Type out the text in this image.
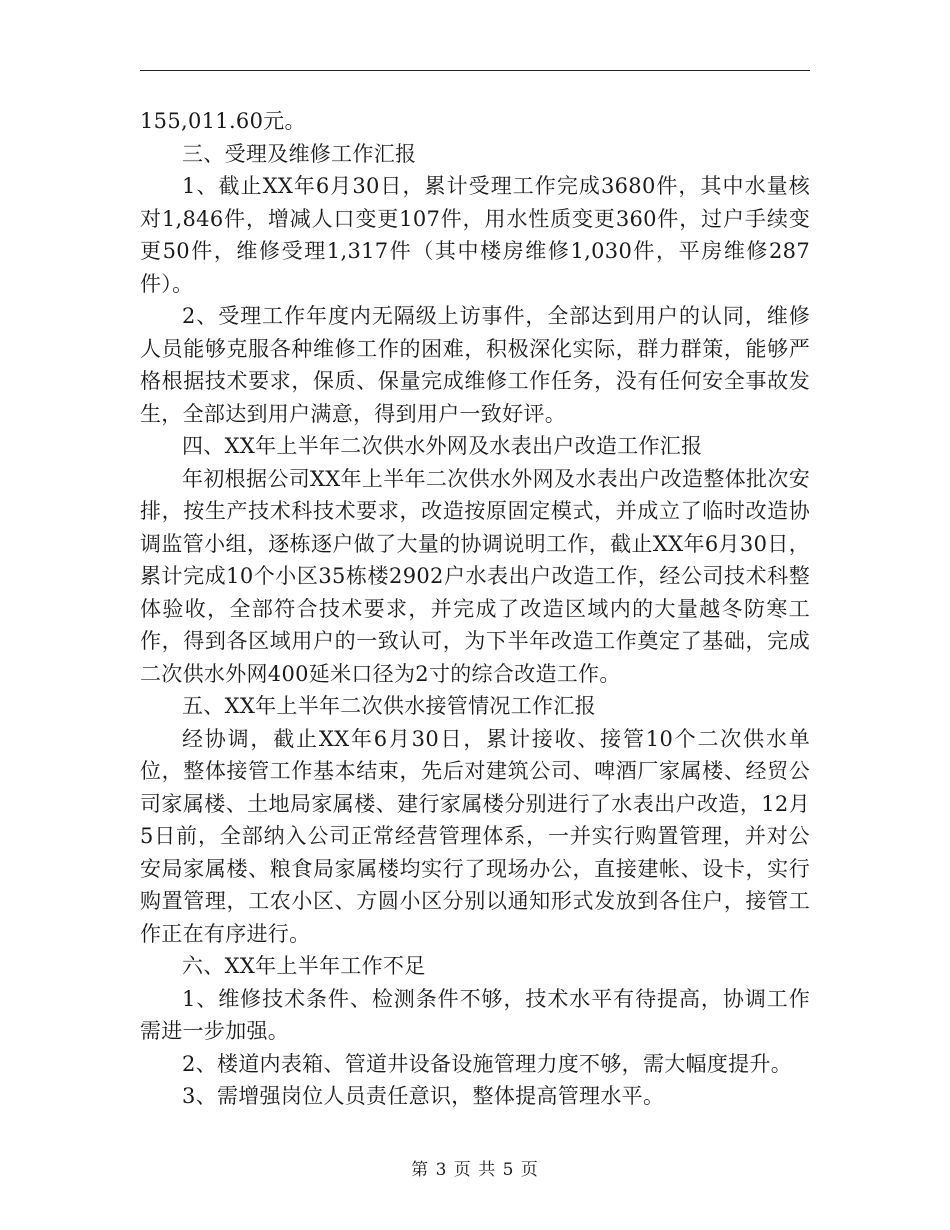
155,011.60元。

三、受理及维修工作汇报

1、截止XX年6月30日，累计受理工作完成3680件，其中水量核对1,846件，增减人口变更107件，用水性质变更360件，过户手续变更50件，维修受理1,317件（其中楼房维修1,030件，平房维修287件）。

2、受理工作年度内无隔级上访事件，全部达到用户的认同，维修人员能够克服各种维修工作的困难，积极深化实际，群力群策，能够严格根据技术要求，保质、保量完成维修工作任务，没有任何安全事故发生，全部达到用户满意，得到用户一致好评。

四、XX年上半年二次供水外网及水表出户改造工作汇报

年初根据公司XX年上半年二次供水外网及水表出户改造整体批次安排，按生产技术科技术要求，改造按原固定模式，并成立了临时改造协调监管小组，逐栋逐户做了大量的协调说明工作，截止XX年6月30日，累计完成10个小区35栋楼2902户水表出户改造工作，经公司技术科整体验收，全部符合技术要求，并完成了改造区域内的大量越冬防寒工作，得到各区域用户的一致认可，为下半年改造工作奠定了基础，完成二次供水外网400延米口径为2寸的综合改造工作。

五、XX年上半年二次供水接管情况工作汇报

经协调，截止XX年6月30日，累计接收、接管10个二次供水单位，整体接管工作基本结束，先后对建筑公司、啤酒厂家属楼、经贸公司家属楼、土地局家属楼、建行家属楼分别进行了水表出户改造，12月5日前，全部纳入公司正常经营管理体系，一并实行购置管理，并对公安局家属楼、粮食局家属楼均实行了现场办公，直接建帐、设卡，实行购置管理，工农小区、方圆小区分别以通知形式发放到各住户，接管工作正在有序进行。

六、XX年上半年工作不足

1、维修技术条件、检测条件不够，技术水平有待提高，协调工作需进一步加强。

2、楼道内表箱、管道井设备设施管理力度不够，需大幅度提升。

3、需增强岗位人员责任意识，整体提高管理水平。

第 3 页 共 5 页
